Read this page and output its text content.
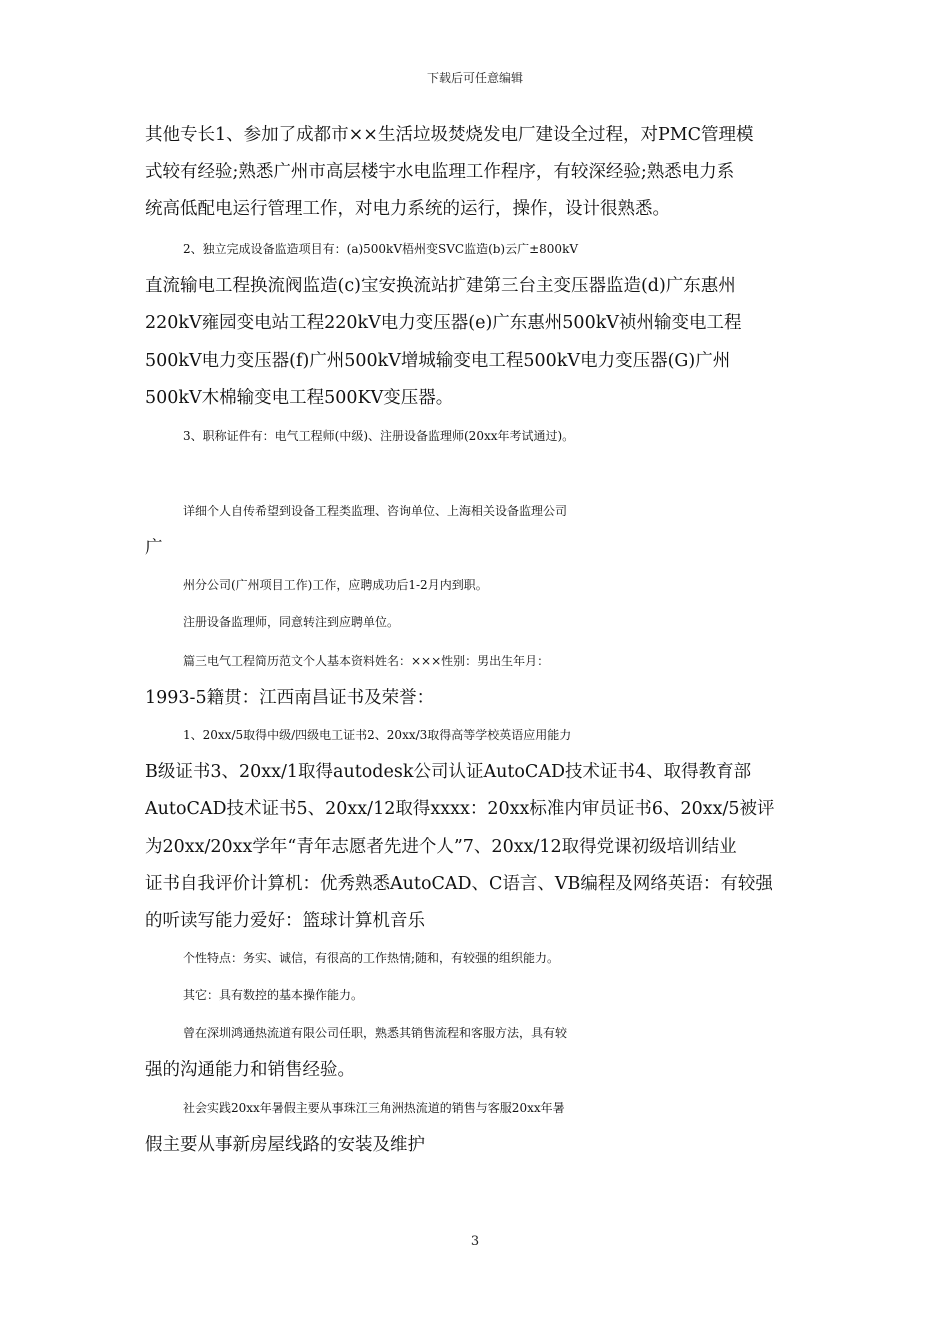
下载后可任意编辑
其他专长1、参加了成都市××生活垃圾焚烧发电厂建设全过程，对PMC管理模
式较有经验;熟悉广州市高层楼宇水电监理工作程序，有较深经验;熟悉电力系
统高低配电运行管理工作，对电力系统的运行，操作，设计很熟悉。
2、独立完成设备监造项目有：(a)500kV梧州变SVC监造(b)云广±800kV
直流输电工程换流阀监造(c)宝安换流站扩建第三台主变压器监造(d)广东惠州
220kV雍园变电站工程220kV电力变压器(e)广东惠州500kV祯州输变电工程
500kV电力变压器(f)广州500kV增城输变电工程500kV电力变压器(G)广州
500kV木棉输变电工程500KV变压器。
3、职称证件有：电气工程师(中级)、注册设备监理师(20xx年考试通过)。
详细个人自传希望到设备工程类监理、咨询单位、上海相关设备监理公司
广
州分公司(广州项目工作)工作，应聘成功后1-2月内到职。
注册设备监理师，同意转注到应聘单位。
篇三电气工程简历范文个人基本资料姓名：×××性别：男出生年月：
1993-5籍贯：江西南昌证书及荣誉：
1、20xx/5取得中级/四级电工证书2、20xx/3取得高等学校英语应用能力
B级证书3、20xx/1取得autodesk公司认证AutoCAD技术证书4、取得教育部
AutoCAD技术证书5、20xx/12取得xxxx：20xx标准内审员证书6、20xx/5被评
为20xx/20xx学年“青年志愿者先进个人”7、20xx/12取得党课初级培训结业
证书自我评价计算机：优秀熟悉AutoCAD、C语言、VB编程及网络英语：有较强
的听读写能力爱好：篮球计算机音乐
个性特点：务实、诚信，有很高的工作热情;随和，有较强的组织能力。
其它：具有数控的基本操作能力。
曾在深圳鸿通热流道有限公司任职，熟悉其销售流程和客服方法，具有较
强的沟通能力和销售经验。
社会实践20xx年暑假主要从事珠江三角洲热流道的销售与客服20xx年暑
假主要从事新房屋线路的安装及维护
3
